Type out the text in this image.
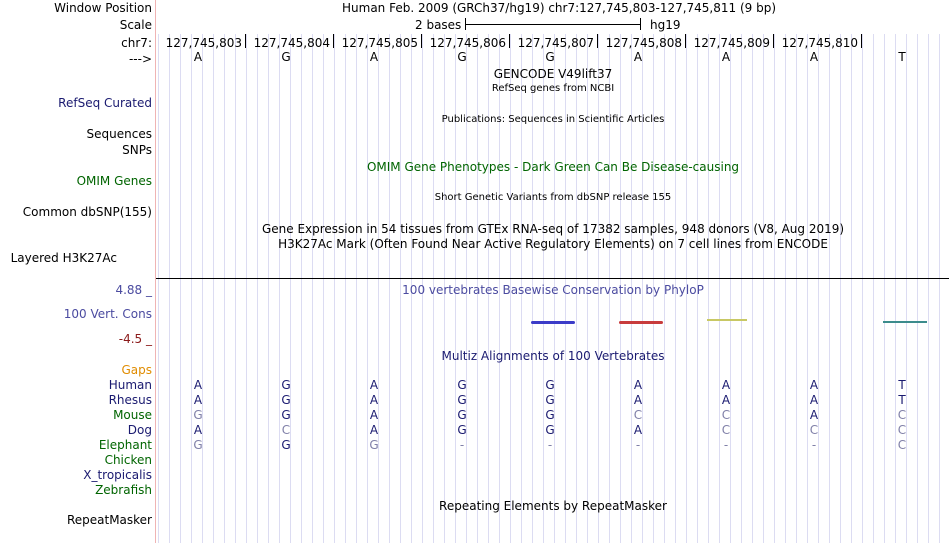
Window Position	Human Feb. 2009 (GRCh37/hg19) chr7:127,745,803-127,745,811 (9 bp)
Scale	2 bases	hg19
chr7:	127,745,803 127,745,804 127,745,805 127,745,806 127,745,807 127,745,808 127,745,809 127,745,810
--->	A	G	A	G	G	A	A	A	T
GENCODE V49lift37
RefSeq genes from NCBI
RefSeq Curated
Publications: Sequences in Scientific Articles
Sequences
SNPs
OMIM Gene Phenotypes - Dark Green Can Be Disease-causing
OMIM Genes
Short Genetic Variants from dbSNP release 155
Common dbSNP(155)
Gene Expression in 54 tissues from GTEx RNA-seq of 17382 samples, 948 donors (V8, Aug 2019)
H3K27Ac Mark (Often Found Near Active Regulatory Elements) on 7 cell lines from ENCODE
Layered H3K27Ac
4.88 _	100 vertebrates Basewise Conservation by PhyloP
100 Vert. Cons
-4.5 _
Multiz Alignments of 100 Vertebrates
Gaps
Human	A	G	A	G	G	A	A	A	T
Rhesus	A	G	A	G	G	A	A	A	T
Mouse	G	G	A	G	G	C	C	A	C
Dog	A	C	A	G	G	A	C	C	C
Elephant	G	G	G	-	-	-	-	-	C
Chicken
X_tropicalis
Zebrafish
Repeating Elements by RepeatMasker
RepeatMasker
